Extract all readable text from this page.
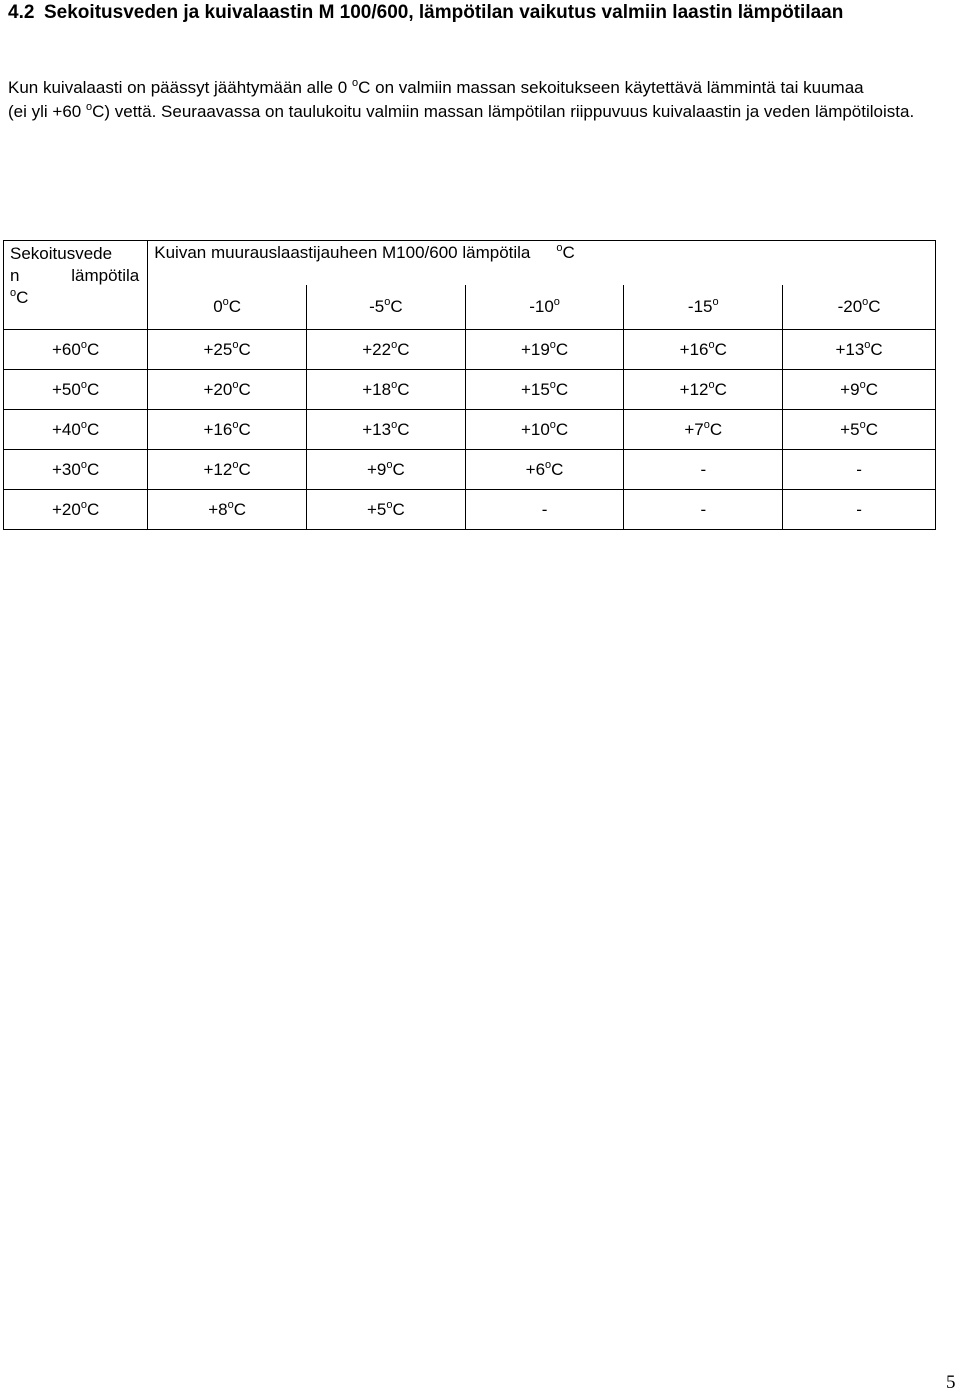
4.2 Sekoitusveden ja kuivalaastin M 100/600, lämpötilan vaikutus valmiin laastin lämpötilaan
Kun kuivalaasti on päässyt jäähtymään alle 0 $^o$C on valmiin massan sekoitukseen käytettävä lämmintä tai kuumaa
(ei yli +60 $^o$C) vettä. Seuraavassa on taulukoitu valmiin massan lämpötilan riippuvuus kuivalaastin ja veden lämpötiloista.
Sekoitusvede
n lämpötila
$^o$C	Kuivan muurauslaastijauheen M100/600 lämpötila $^o$C				

	0$^o$C	-5$^o$C	-10$^o$	-15$^o$	$-20^oC$
$+60^oC$	$+25^oC$	$+22^oC$	$+19^oC$	$+16^oC$	$+13^oC$
$+50^oC$	$+20^oC$	$+18^oC$	$+15^oC$	$+12^oC$	$+9^oC$
$+40^oC$	$+16^oC$	$+13^oC$	$+10^oC$	$+7^oC$	$+5^oC$
$+30^oC$	$+12^oC$	$+9^oC$	$+6^oC$	-	-
$+20^oC$	$+8^oC$	$+5^oC$	-	-	-
5
